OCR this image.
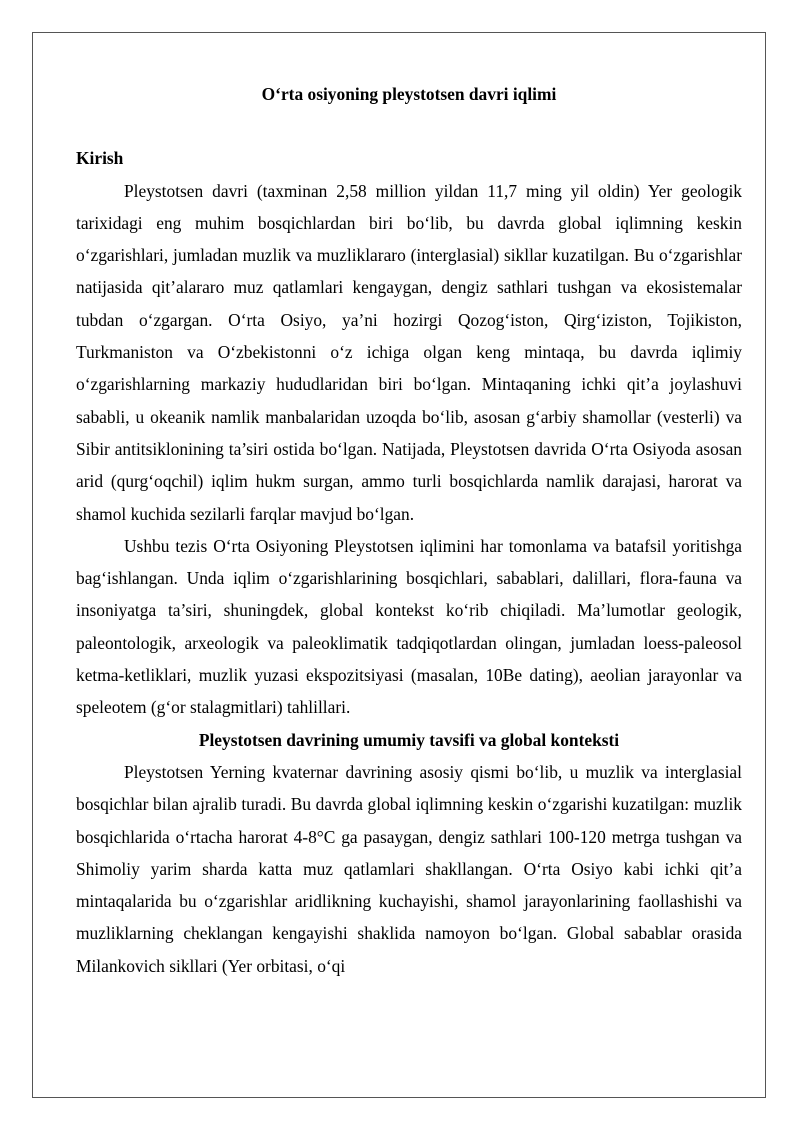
O‘rta osiyoning pleystotsen davri iqlimi

Kirish

Pleystotsen davri (taxminan 2,58 million yildan 11,7 ming yil oldin) Yer geologik tarixidagi eng muhim bosqichlardan biri bo‘lib, bu davrda global iqlimning keskin o‘zgarishlari, jumladan muzlik va muzliklararo (interglasial) sikllar kuzatilgan. Bu o‘zgarishlar natijasida qit’alararo muz qatlamlari kengaygan, dengiz sathlari tushgan va ekosistemalar tubdan o‘zgargan. O‘rta Osiyo, ya’ni hozirgi Qozog‘iston, Qirg‘iziston, Tojikiston, Turkmaniston va O‘zbekistonni o‘z ichiga olgan keng mintaqa, bu davrda iqlimiy o‘zgarishlarning markaziy hududlaridan biri bo‘lgan. Mintaqaning ichki qit’a joylashuvi sababli, u okeanik namlik manbalaridan uzoqda bo‘lib, asosan g‘arbiy shamollar (vesterli) va Sibir antitsiklonining ta’siri ostida bo‘lgan. Natijada, Pleystotsen davrida O‘rta Osiyoda asosan arid (qurg‘oqchil) iqlim hukm surgan, ammo turli bosqichlarda namlik darajasi, harorat va shamol kuchida sezilarli farqlar mavjud bo‘lgan.

Ushbu tezis O‘rta Osiyoning Pleystotsen iqlimini har tomonlama va batafsil yoritishga bag‘ishlangan. Unda iqlim o‘zgarishlarining bosqichlari, sabablari, dalillari, flora-fauna va insoniyatga ta’siri, shuningdek, global kontekst ko‘rib chiqiladi. Ma’lumotlar geologik, paleontologik, arxeologik va paleoklimatik tadqiqotlardan olingan, jumladan loess-paleosol ketma-ketliklari, muzlik yuzasi ekspozitsiyasi (masalan, 10Be dating), aeolian jarayonlar va speleotem (g‘or stalagmitlari) tahlillari.

Pleystotsen davrining umumiy tavsifi va global konteksti

Pleystotsen Yerning kvaternar davrining asosiy qismi bo‘lib, u muzlik va interglasial bosqichlar bilan ajralib turadi. Bu davrda global iqlimning keskin o‘zgarishi kuzatilgan: muzlik bosqichlarida o‘rtacha harorat 4-8°C ga pasaygan, dengiz sathlari 100-120 metrga tushgan va Shimoliy yarim sharda katta muz qatlamlari shakllangan. O‘rta Osiyo kabi ichki qit’a mintaqalarida bu o‘zgarishlar aridlikning kuchayishi, shamol jarayonlarining faollashishi va muzliklarning cheklangan kengayishi shaklida namoyon bo‘lgan. Global sabablar orasida Milankovich sikllari (Yer orbitasi, o‘qi
